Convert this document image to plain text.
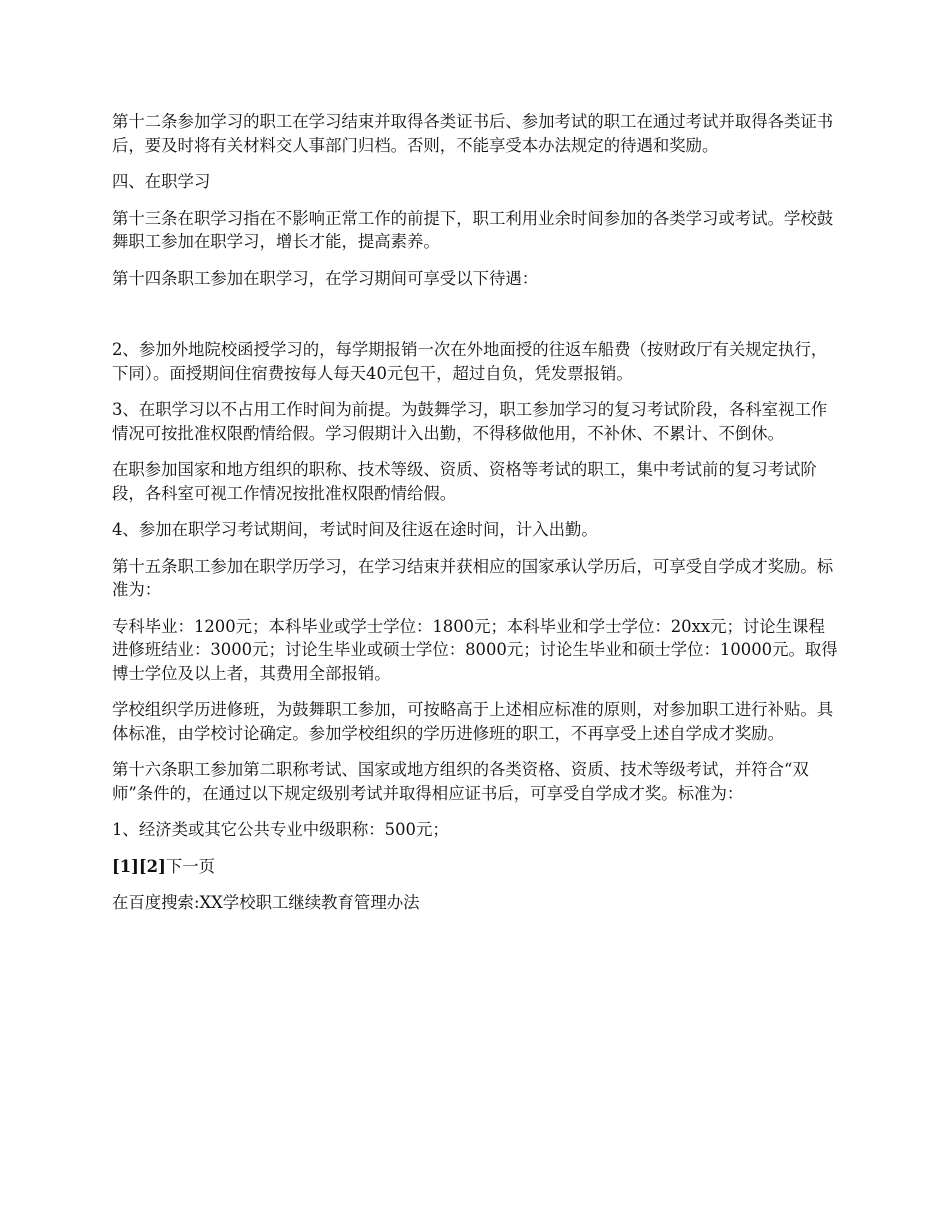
第十二条参加学习的职工在学习结束并取得各类证书后、参加考试的职工在通过考试并取得各类证书后，要及时将有关材料交人事部门归档。否则，不能享受本办法规定的待遇和奖励。

四、在职学习

第十三条在职学习指在不影响正常工作的前提下，职工利用业余时间参加的各类学习或考试。学校鼓舞职工参加在职学习，增长才能，提高素养。

第十四条职工参加在职学习，在学习期间可享受以下待遇：

2、参加外地院校函授学习的，每学期报销一次在外地面授的往返车船费（按财政厅有关规定执行，下同）。面授期间住宿费按每人每天40元包干，超过自负，凭发票报销。

3、在职学习以不占用工作时间为前提。为鼓舞学习，职工参加学习的复习考试阶段，各科室视工作情况可按批准权限酌情给假。学习假期计入出勤，不得移做他用，不补休、不累计、不倒休。

在职参加国家和地方组织的职称、技术等级、资质、资格等考试的职工，集中考试前的复习考试阶段，各科室可视工作情况按批准权限酌情给假。

4、参加在职学习考试期间，考试时间及往返在途时间，计入出勤。

第十五条职工参加在职学历学习，在学习结束并获相应的国家承认学历后，可享受自学成才奖励。标准为：

专科毕业：1200元；本科毕业或学士学位：1800元；本科毕业和学士学位：20xx元；讨论生课程进修班结业：3000元；讨论生毕业或硕士学位：8000元；讨论生毕业和硕士学位：10000元。取得博士学位及以上者，其费用全部报销。

学校组织学历进修班，为鼓舞职工参加，可按略高于上述相应标准的原则，对参加职工进行补贴。具体标准，由学校讨论确定。参加学校组织的学历进修班的职工，不再享受上述自学成才奖励。

第十六条职工参加第二职称考试、国家或地方组织的各类资格、资质、技术等级考试，并符合“双师”条件的，在通过以下规定级别考试并取得相应证书后，可享受自学成才奖。标准为：

1、经济类或其它公共专业中级职称：500元；

[1][2]下一页

在百度搜索:XX学校职工继续教育管理办法
